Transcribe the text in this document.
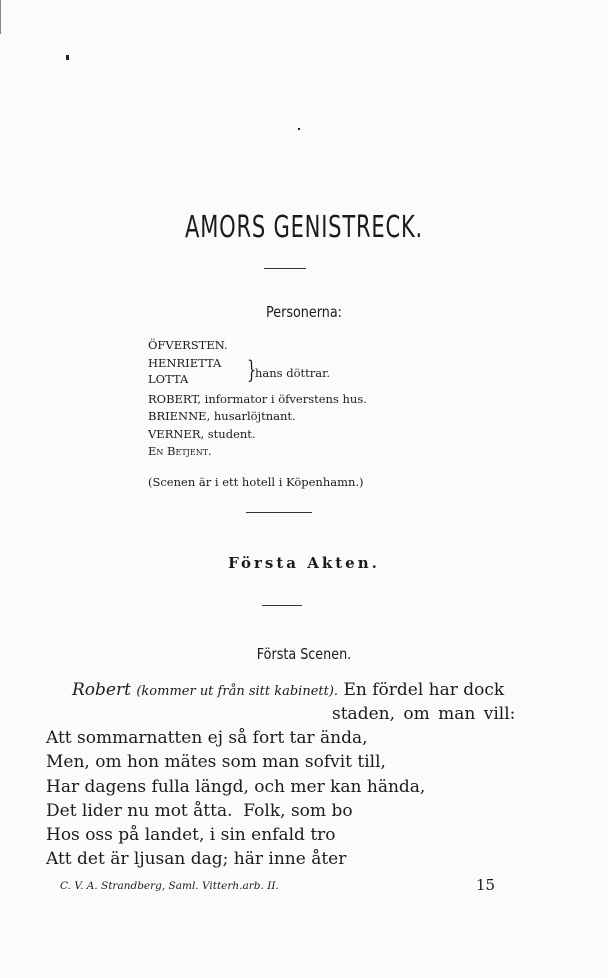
AMORS GENISTRECK.
Personerna:
ÖFVERSTEN.
HENRIETTA
LOTTA }
hans döttrar.
ROBERT, informator i öfverstens hus.
BRIENNE, husarlöjtnant.
VERNER, student.
En Betjent.
(Scenen är i ett hotell i Köpenhamn.)
Första Akten.
Första Scenen.
Robert (kommer ut från sitt kabinett). En fördel har dock
staden, om man vill:
Att sommarnatten ej så fort tar ända,
Men, om hon mätes som man sofvit till,
Har dagens fulla längd, och mer kan hända,
Det lider nu mot åtta.  Folk, som bo
Hos oss på landet, i sin enfald tro
Att det är ljusan dag; här inne åter
C. V. A. Strandberg, Saml. Vitterh.arb. II.	15
